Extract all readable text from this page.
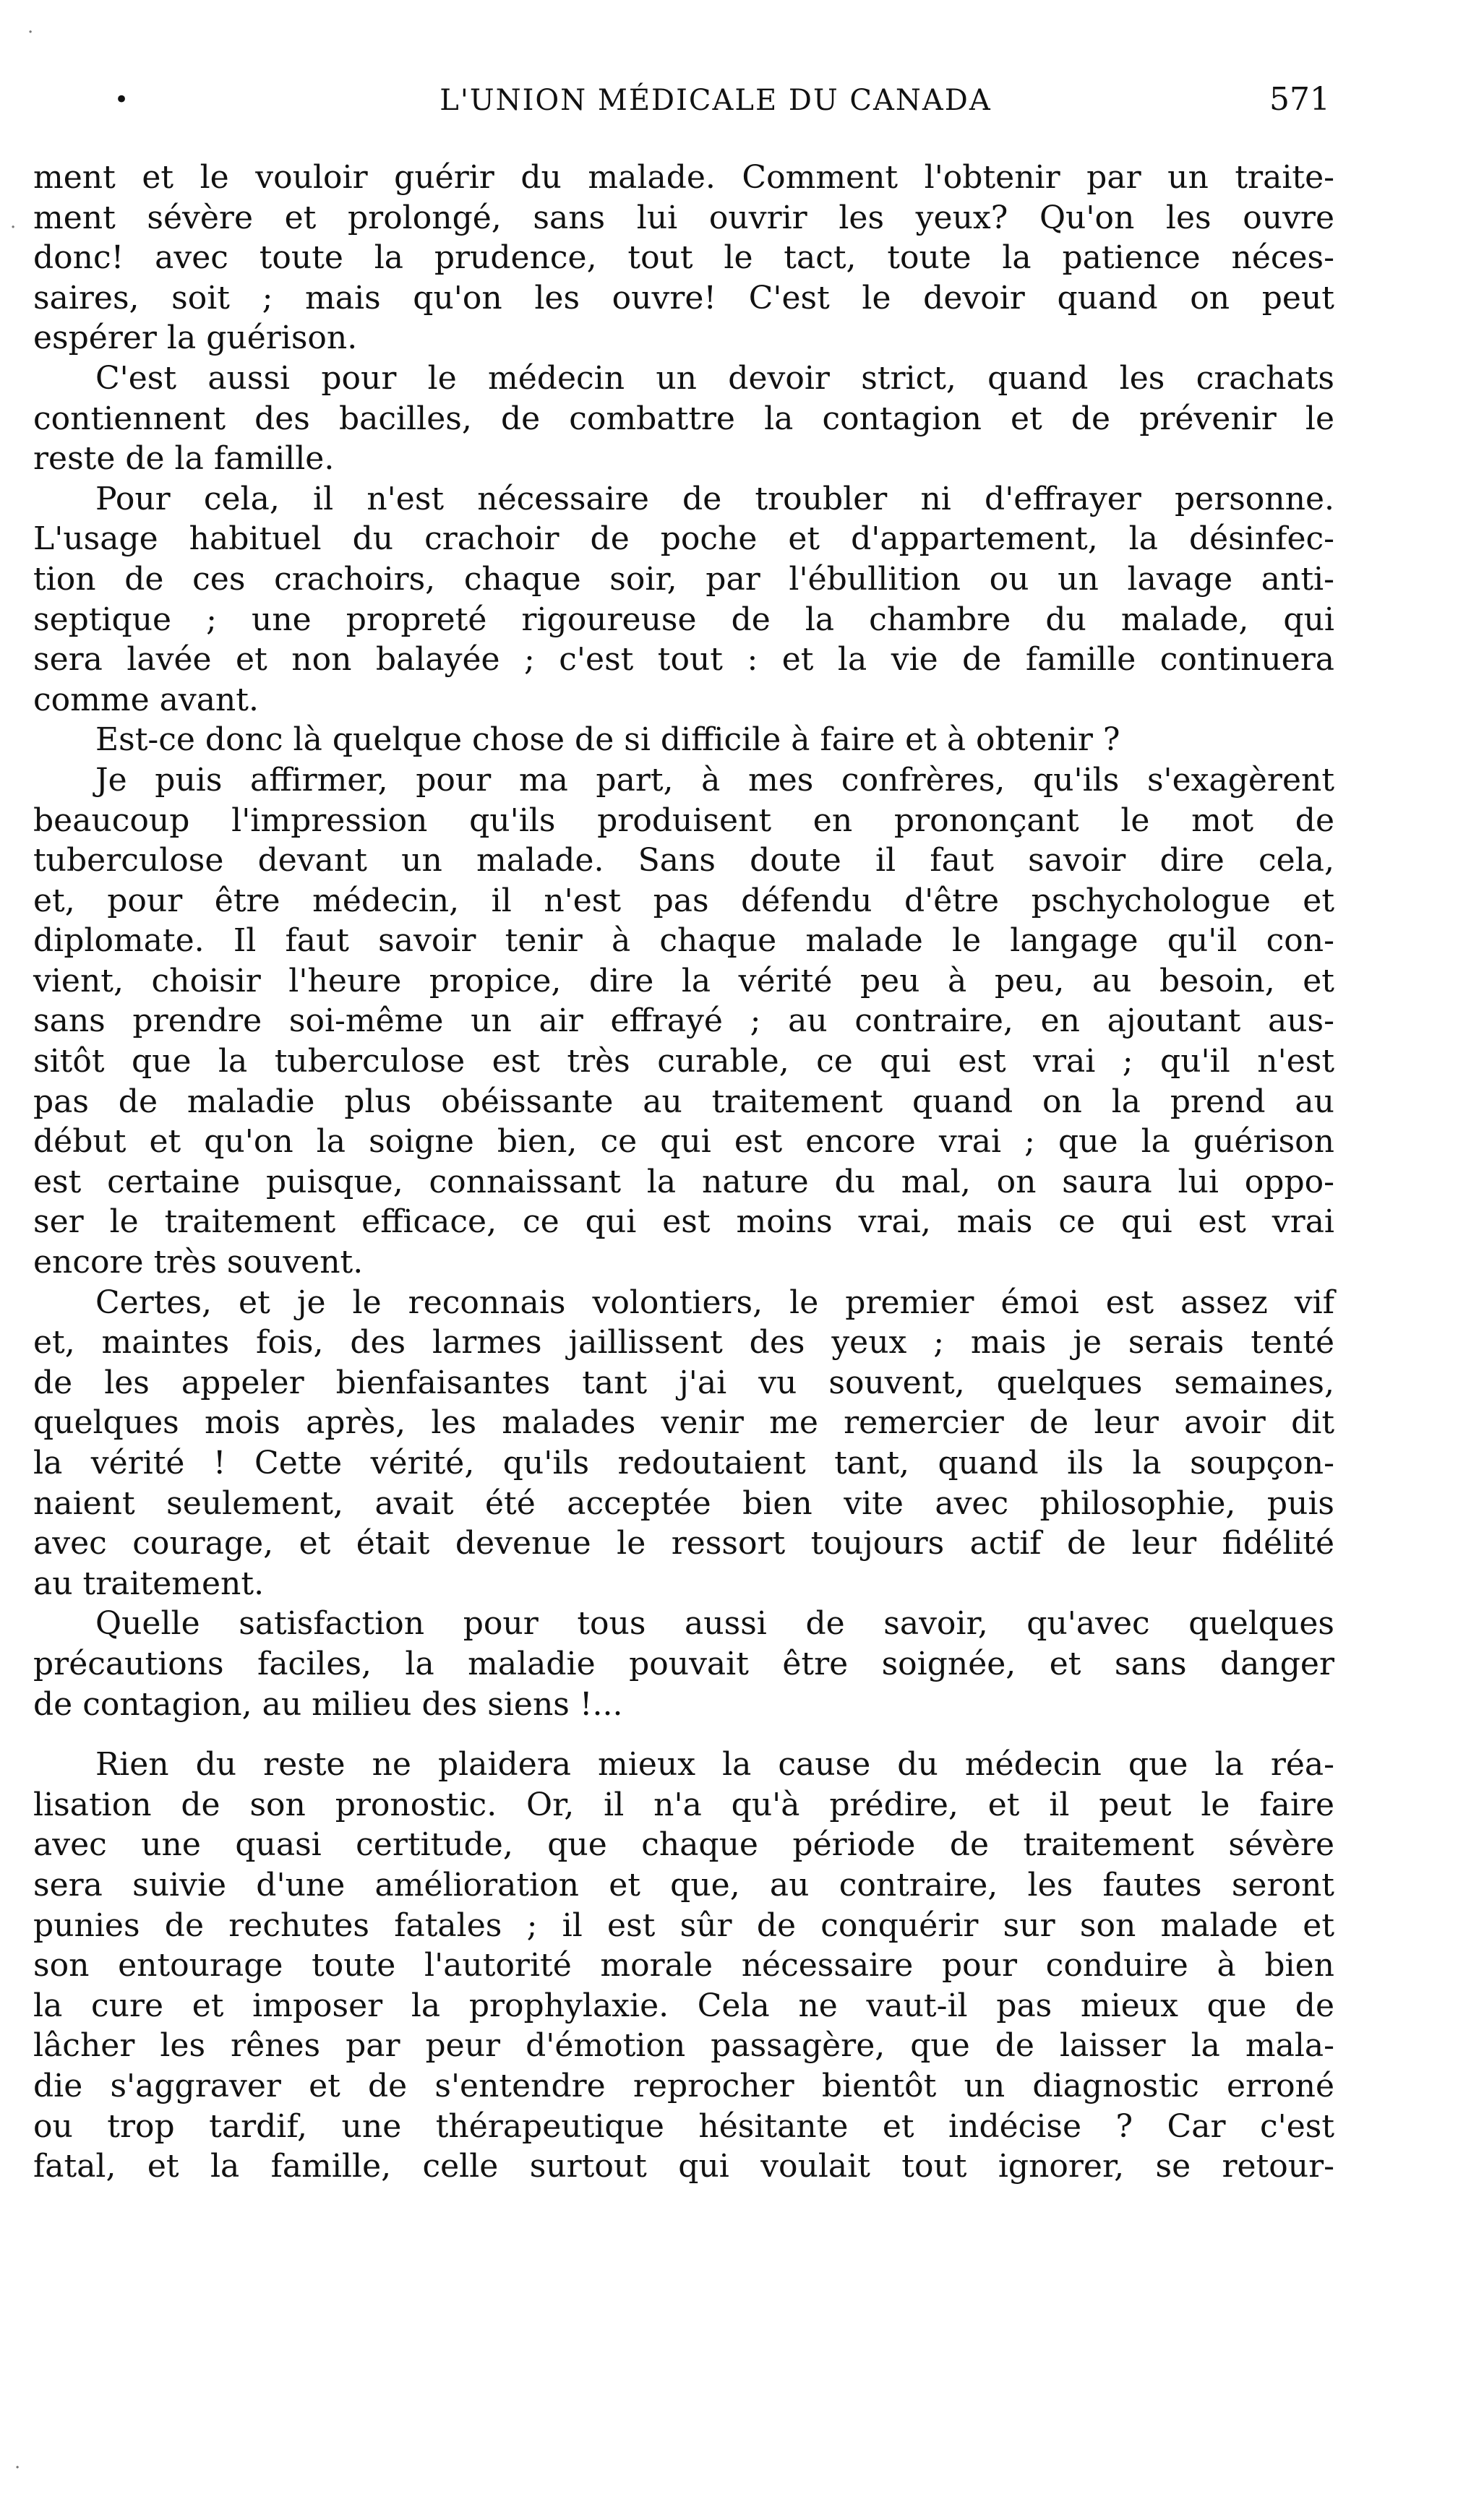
•	L'UNION MÉDICALE DU CANADA	571
ment et le vouloir guérir du malade. Comment l'obtenir par un traite-
ment sévère et prolongé, sans lui ouvrir les yeux? Qu'on les ouvre
donc! avec toute la prudence, tout le tact, toute la patience néces-
saires, soit ; mais qu'on les ouvre! C'est le devoir quand on peut
espérer la guérison.
C'est aussi pour le médecin un devoir strict, quand les crachats
contiennent des bacilles, de combattre la contagion et de prévenir le
reste de la famille.
Pour cela, il n'est nécessaire de troubler ni d'effrayer personne.
L'usage habituel du crachoir de poche et d'appartement, la désinfec-
tion de ces crachoirs, chaque soir, par l'ébullition ou un lavage anti-
septique ; une propreté rigoureuse de la chambre du malade, qui
sera lavée et non balayée ; c'est tout : et la vie de famille continuera
comme avant.
Est-ce donc là quelque chose de si difficile à faire et à obtenir ?
Je puis affirmer, pour ma part, à mes confrères, qu'ils s'exagèrent
beaucoup l'impression qu'ils produisent en prononçant le mot de
tuberculose devant un malade. Sans doute il faut savoir dire cela,
et, pour être médecin, il n'est pas défendu d'être pschychologue et
diplomate. Il faut savoir tenir à chaque malade le langage qu'il con-
vient, choisir l'heure propice, dire la vérité peu à peu, au besoin, et
sans prendre soi-même un air effrayé ; au contraire, en ajoutant aus-
sitôt que la tuberculose est très curable, ce qui est vrai ; qu'il n'est
pas de maladie plus obéissante au traitement quand on la prend au
début et qu'on la soigne bien, ce qui est encore vrai ; que la guérison
est certaine puisque, connaissant la nature du mal, on saura lui oppo-
ser le traitement efficace, ce qui est moins vrai, mais ce qui est vrai
encore très souvent.
Certes, et je le reconnais volontiers, le premier émoi est assez vif
et, maintes fois, des larmes jaillissent des yeux ; mais je serais tenté
de les appeler bienfaisantes tant j'ai vu souvent, quelques semaines,
quelques mois après, les malades venir me remercier de leur avoir dit
la vérité ! Cette vérité, qu'ils redoutaient tant, quand ils la soupçon-
naient seulement, avait été acceptée bien vite avec philosophie, puis
avec courage, et était devenue le ressort toujours actif de leur fidélité
au traitement.
Quelle satisfaction pour tous aussi de savoir, qu'avec quelques
précautions faciles, la maladie pouvait être soignée, et sans danger
de contagion, au milieu des siens !...
Rien du reste ne plaidera mieux la cause du médecin que la réa-
lisation de son pronostic. Or, il n'a qu'à prédire, et il peut le faire
avec une quasi certitude, que chaque période de traitement sévère
sera suivie d'une amélioration et que, au contraire, les fautes seront
punies de rechutes fatales ; il est sûr de conquérir sur son malade et
son entourage toute l'autorité morale nécessaire pour conduire à bien
la cure et imposer la prophylaxie. Cela ne vaut-il pas mieux que de
lâcher les rênes par peur d'émotion passagère, que de laisser la mala-
die s'aggraver et de s'entendre reprocher bientôt un diagnostic erroné
ou trop tardif, une thérapeutique hésitante et indécise ? Car c'est
fatal, et la famille, celle surtout qui voulait tout ignorer, se retour-
·
·
·
